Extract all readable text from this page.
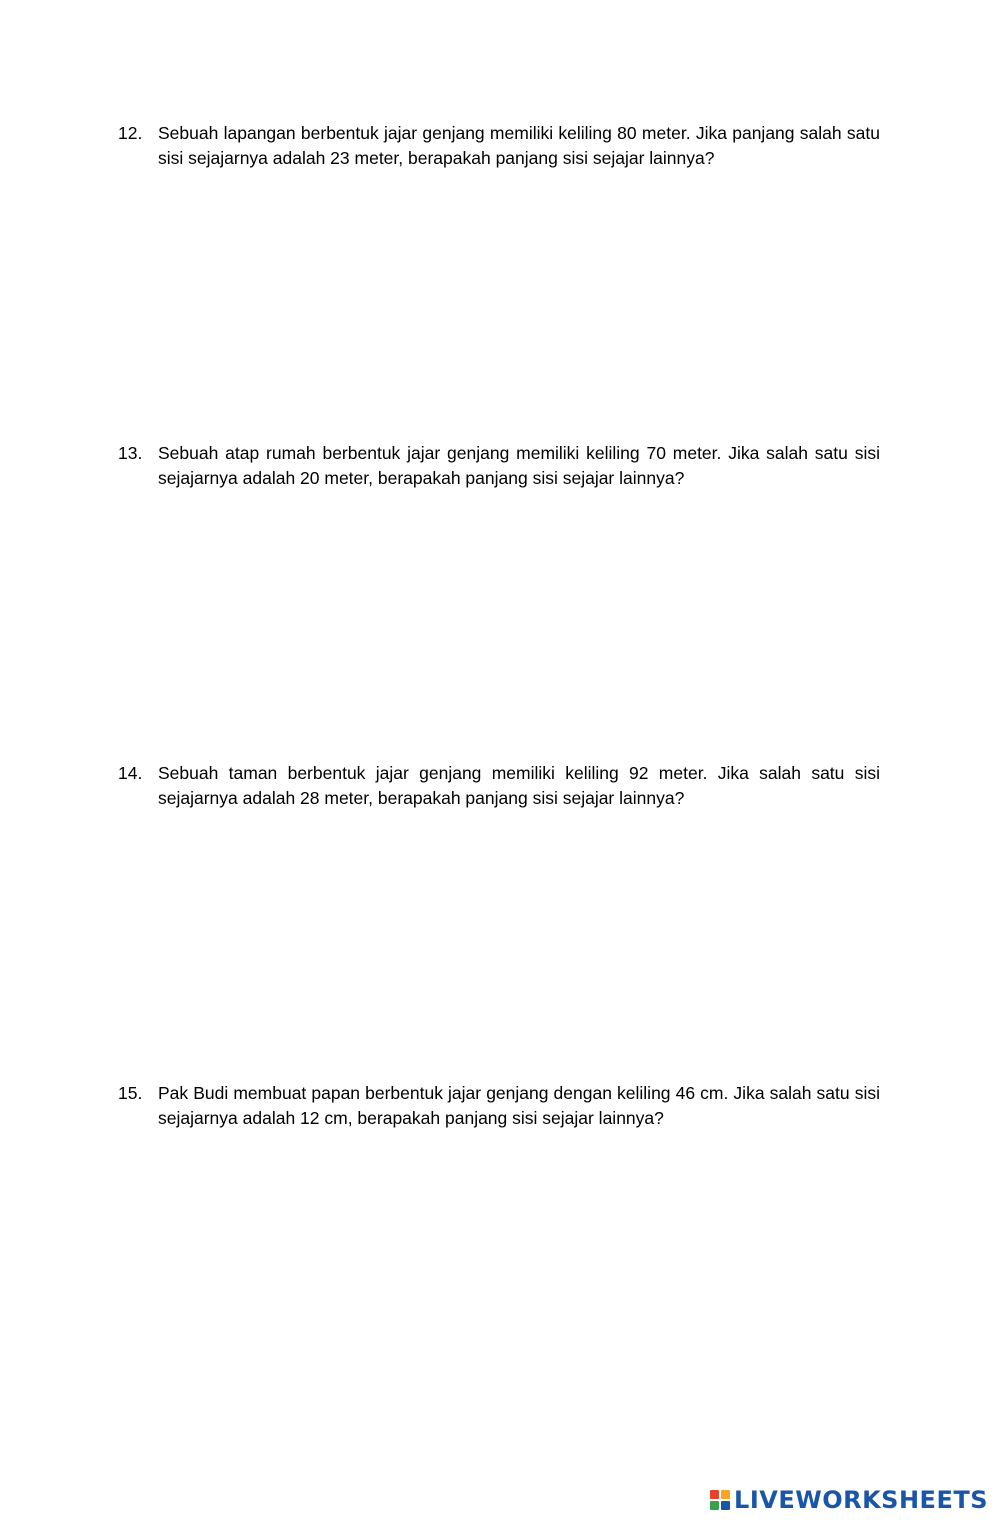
12. Sebuah lapangan berbentuk jajar genjang memiliki keliling 80 meter. Jika panjang salah satu sisi sejajarnya adalah 23 meter, berapakah panjang sisi sejajar lainnya?
13. Sebuah atap rumah berbentuk jajar genjang memiliki keliling 70 meter. Jika salah satu sisi sejajarnya adalah 20 meter, berapakah panjang sisi sejajar lainnya?
14. Sebuah taman berbentuk jajar genjang memiliki keliling 92 meter. Jika salah satu sisi sejajarnya adalah 28 meter, berapakah panjang sisi sejajar lainnya?
15. Pak Budi membuat papan berbentuk jajar genjang dengan keliling 46 cm. Jika salah satu sisi sejajarnya adalah 12 cm, berapakah panjang sisi sejajar lainnya?
LIVEWORKSHEETS
